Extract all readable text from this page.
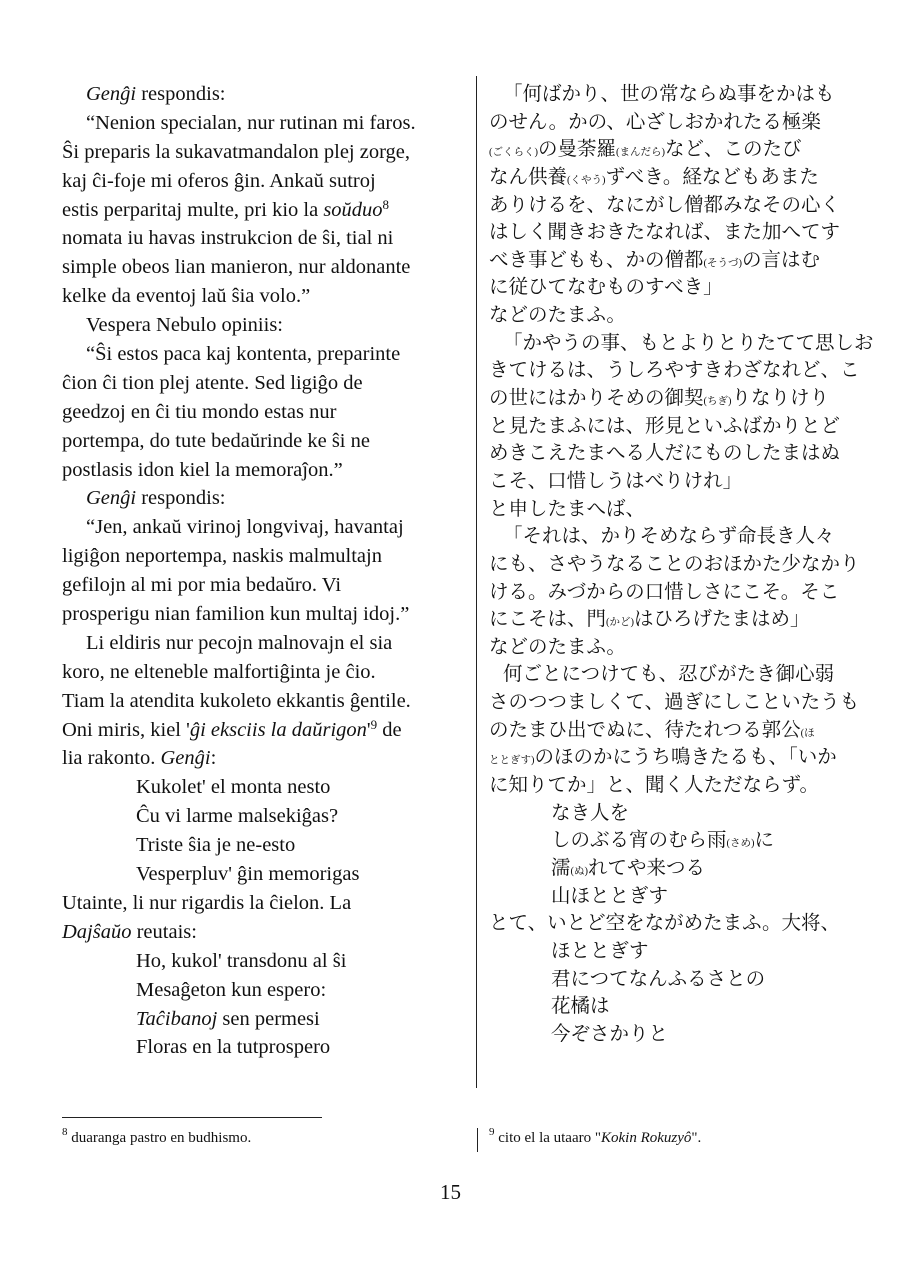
Genĝi respondis:
“Nenion specialan, nur rutinan mi faros.
Ŝi preparis la sukavatmandalon plej zorge,
kaj ĉi-foje mi oferos ĝin. Ankaŭ sutroj
estis perparitaj multe, pri kio la soŭduo$^8$
nomata iu havas instrukcion de ŝi, tial ni
simple obeos lian manieron, nur aldonante
kelke da eventoj laŭ ŝia volo.”
Vespera Nebulo opiniis:
“Ŝi estos paca kaj kontenta, preparinte
ĉion ĉi tion plej atente. Sed ligiĝo de
geedzoj en ĉi tiu mondo estas nur
portempa, do tute bedaŭrinde ke ŝi ne
postlasis idon kiel la memoraĵon.”
Genĝi respondis:
“Jen, ankaŭ virinoj longvivaj, havantaj
ligiĝon neportempa, naskis malmultajn
gefilojn al mi por mia bedaŭro. Vi
prosperigu nian familion kun multaj idoj.”
Li eldiris nur pecojn malnovajn el sia
koro, ne elteneble malfortiĝinta je ĉio.
Tiam la atendita kukoleto ekkantis ĝentile.
Oni miris, kiel 'ĝi eksciis la $daŭrigon'^9$ de
lia rakonto. Genĝi:
Kukolet' el monta nesto
Ĉu vi larme malsekiĝas?
Triste ŝia je ne-esto
Vesperpluv' ĝin memorigas
Utainte, li nur rigardis la ĉielon. La
Dajŝaŭo reutais:
Ho, kukol' transdonu al ŝi
Mesaĝeton kun espero:
Taĉibanoj sen permesi
Floras en la tutprospero
「何ばかり、世の常ならぬ事をかはも
のせん。かの、心ざしおかれたる極楽
(ごくらく)の曼荼羅(まんだら)など、このたび
なん供養(くやう)ずべき。経などもあまた
ありけるを、なにがし僧都みなその心く
はしく聞きおきたなれば、また加へてす
べき事どもも、かの僧都(そうづ)の言はむ
に従ひてなむものすべき」
などのたまふ。
「かやうの事、もとよりとりたてて思しお
きてけるは、うしろやすきわざなれど、こ
の世にはかりそめの御契(ちぎ)りなりけり
と見たまふには、形見といふばかりとど
めきこえたまへる人だにものしたまはぬ
こそ、口惜しうはべりけれ」
と申したまへば、
「それは、かりそめならず命長き人々
にも、さやうなることのおほかた少なかり
ける。みづからの口惜しさにこそ。そこ
にこそは、門(かど)はひろげたまはめ」
などのたまふ。
何ごとにつけても、忍びがたき御心弱
さのつつましくて、過ぎにしこといたうも
のたまひ出でぬに、待たれつる郭公(ほ
ととぎす)のほのかにうち鳴きたるも、「いか
に知りてか」と、聞く人ただならず。
なき人を
しのぶる宵のむら雨(さめ)に
濡(ぬ)れてや来つる
山ほととぎす
とて、いとど空をながめたまふ。大将、
ほととぎす
君につてなんふるさとの
花橘は
今ぞさかりと
$^8$ duaranga pastro en budhismo.	$^9$ cito el la utaaro "Kokin Rokuzyô".
15
